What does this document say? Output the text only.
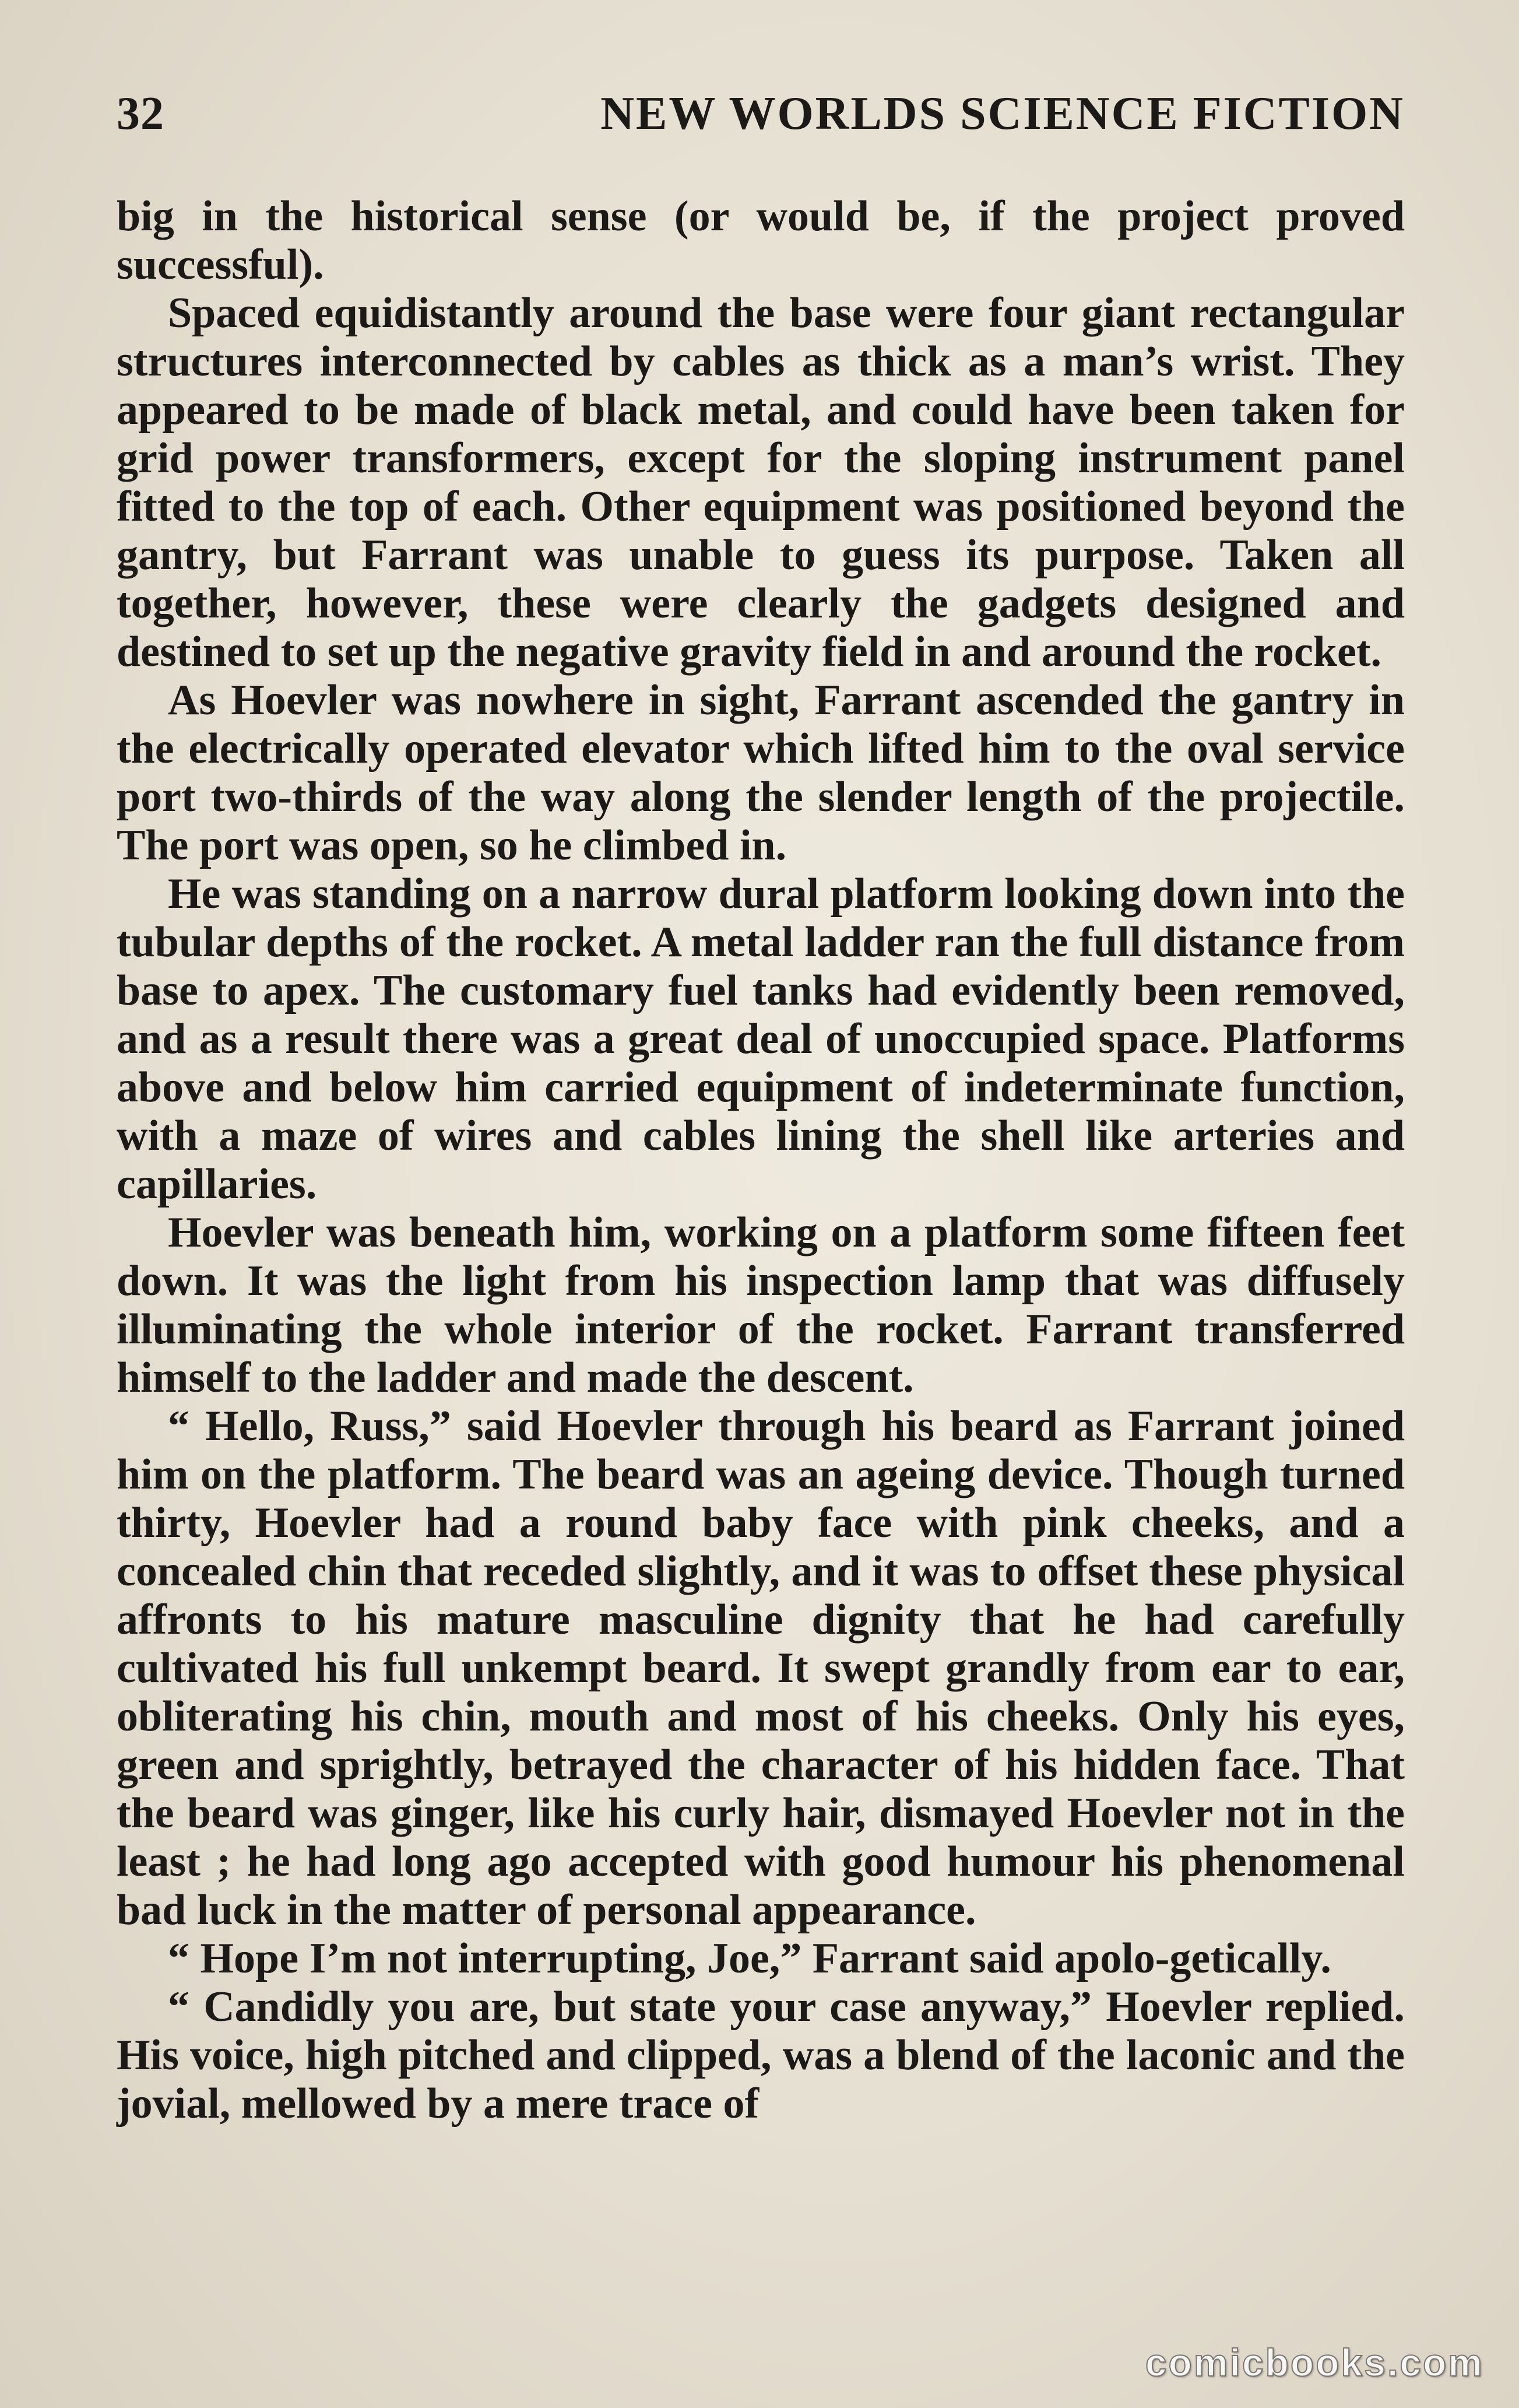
32	NEW WORLDS SCIENCE FICTION

big in the historical sense (or would be, if the project proved successful).

Spaced equidistantly around the base were four giant rectangular structures interconnected by cables as thick as a man’s wrist. They appeared to be made of black metal, and could have been taken for grid power transformers, except for the sloping instrument panel fitted to the top of each. Other equipment was positioned beyond the gantry, but Farrant was unable to guess its purpose. Taken all together, however, these were clearly the gadgets designed and destined to set up the negative gravity field in and around the rocket.

As Hoevler was nowhere in sight, Farrant ascended the gantry in the electrically operated elevator which lifted him to the oval service port two-thirds of the way along the slender length of the projectile. The port was open, so he climbed in.

He was standing on a narrow dural platform looking down into the tubular depths of the rocket. A metal ladder ran the full distance from base to apex. The customary fuel tanks had evidently been removed, and as a result there was a great deal of unoccupied space. Platforms above and below him carried equipment of indeterminate function, with a maze of wires and cables lining the shell like arteries and capillaries.

Hoevler was beneath him, working on a platform some fifteen feet down. It was the light from his inspection lamp that was diffusely illuminating the whole interior of the rocket. Farrant transferred himself to the ladder and made the descent.

“ Hello, Russ,” said Hoevler through his beard as Farrant joined him on the platform. The beard was an ageing device. Though turned thirty, Hoevler had a round baby face with pink cheeks, and a concealed chin that receded slightly, and it was to offset these physical affronts to his mature masculine dignity that he had carefully cultivated his full unkempt beard. It swept grandly from ear to ear, obliterating his chin, mouth and most of his cheeks. Only his eyes, green and sprightly, betrayed the character of his hidden face. That the beard was ginger, like his curly hair, dismayed Hoevler not in the least ; he had long ago accepted with good humour his phenomenal bad luck in the matter of personal appearance.

“ Hope I’m not interrupting, Joe,” Farrant said apolo-getically.

“ Candidly you are, but state your case anyway,” Hoevler replied. His voice, high pitched and clipped, was a blend of the laconic and the jovial, mellowed by a mere trace of

comicbooks.com
